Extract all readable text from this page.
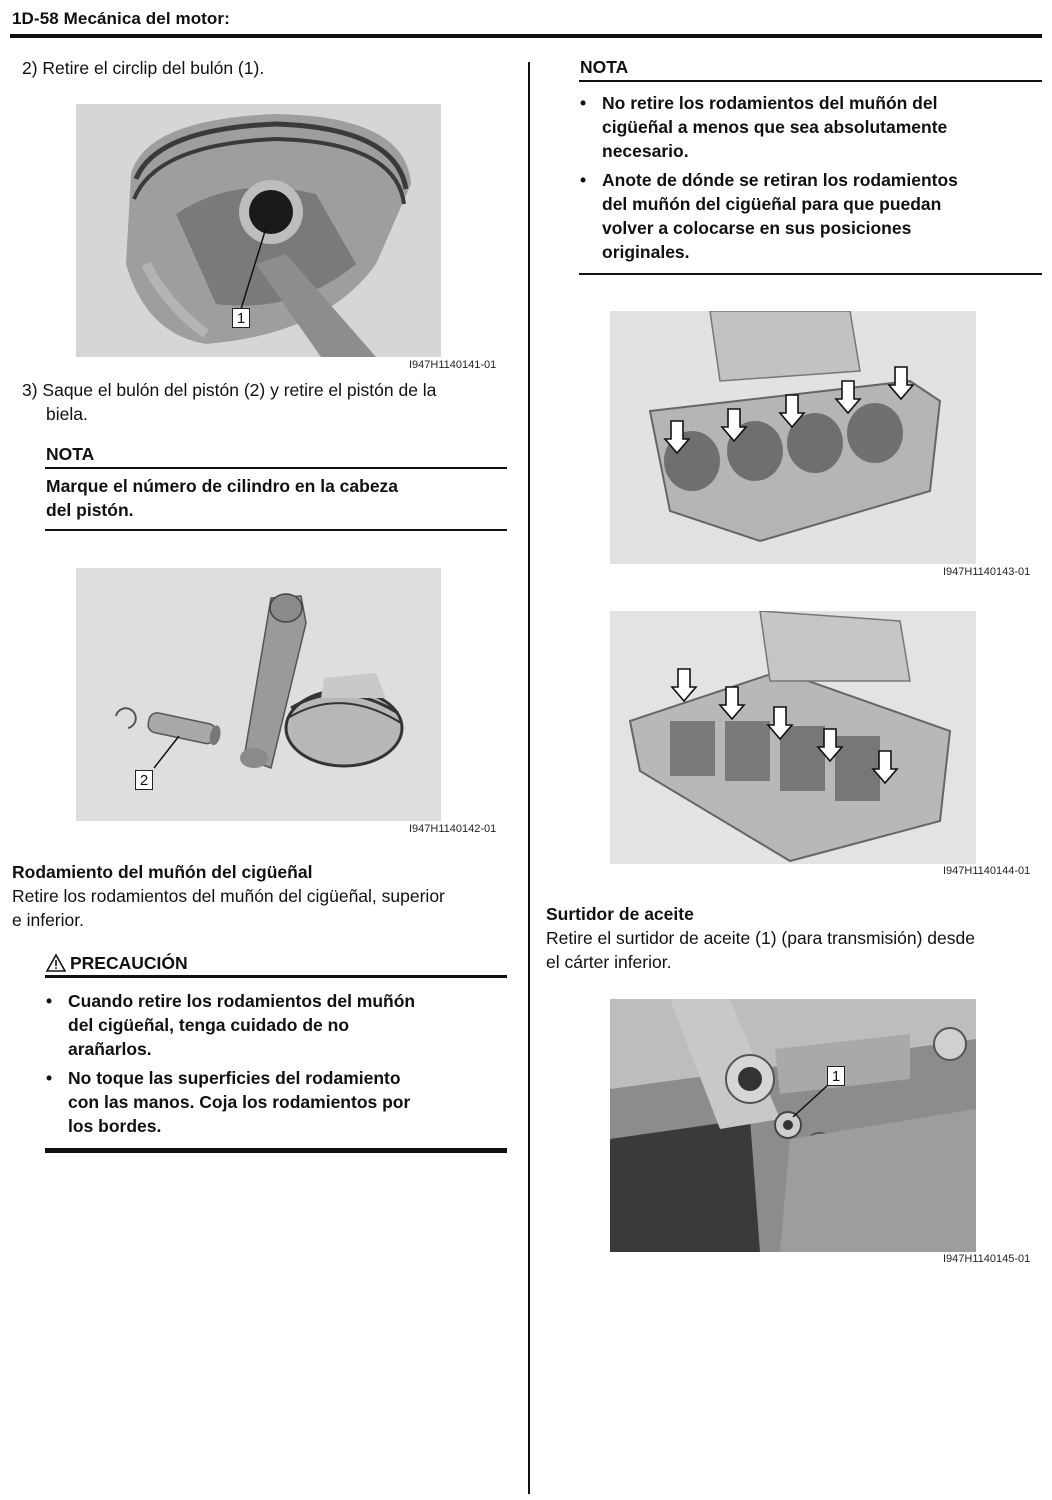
1D-58 Mecánica del motor:
2) Retire el circlip del bulón (1).
1
I947H1140141-01
3) Saque el bulón del pistón (2) y retire el pistón de la
biela.
NOTA
Marque el número de cilindro en la cabeza
del pistón.
2
I947H1140142-01
Rodamiento del muñón del cigüeñal
Retire los rodamientos del muñón del cigüeñal, superior
e inferior.
PRECAUCIÓN
• Cuando retire los rodamientos del muñón
del cigüeñal, tenga cuidado de no
arañarlos.
• No toque las superficies del rodamiento
con las manos. Coja los rodamientos por
los bordes.
NOTA
• No retire los rodamientos del muñón del
cigüeñal a menos que sea absolutamente
necesario.
• Anote de dónde se retiran los rodamientos
del muñón del cigüeñal para que puedan
volver a colocarse en sus posiciones
originales.
I947H1140143-01
I947H1140144-01
Surtidor de aceite
Retire el surtidor de aceite (1) (para transmisión) desde
el cárter inferior.
1
I947H1140145-01
